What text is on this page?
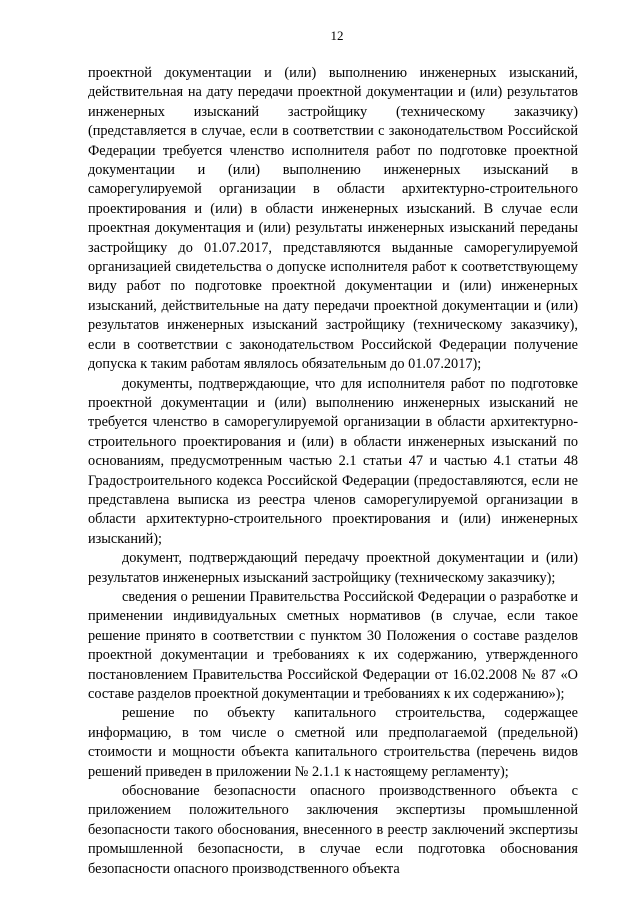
12

проектной документации и (или) выполнению инженерных изысканий, действительная на дату передачи проектной документации и (или) результатов инженерных изысканий застройщику (техническому заказчику) (представляется в случае, если в соответствии с законодательством Российской Федерации требуется членство исполнителя работ по подготовке проектной документации и (или) выполнению инженерных изысканий в саморегулируемой организации в области архитектурно-строительного проектирования и (или) в области инженерных изысканий. В случае если проектная документация и (или) результаты инженерных изысканий переданы застройщику до 01.07.2017, представляются выданные саморегулируемой организацией свидетельства о допуске исполнителя работ к соответствующему виду работ по подготовке проектной документации и (или) инженерных изысканий, действительные на дату передачи проектной документации и (или) результатов инженерных изысканий застройщику (техническому заказчику), если в соответствии с законодательством Российской Федерации получение допуска к таким работам являлось обязательным до 01.07.2017);

документы, подтверждающие, что для исполнителя работ по подготовке проектной документации и (или) выполнению инженерных изысканий не требуется членство в саморегулируемой организации в области архитектурно-строительного проектирования и (или) в области инженерных изысканий по основаниям, предусмотренным частью 2.1 статьи 47 и частью 4.1 статьи 48 Градостроительного кодекса Российской Федерации (предоставляются, если не представлена выписка из реестра членов саморегулируемой организации в области архитектурно-строительного проектирования и (или) инженерных изысканий);

документ, подтверждающий передачу проектной документации и (или) результатов инженерных изысканий застройщику (техническому заказчику);

сведения о решении Правительства Российской Федерации о разработке и применении индивидуальных сметных нормативов (в случае, если такое решение принято в соответствии с пунктом 30 Положения о составе разделов проектной документации и требованиях к их содержанию, утвержденного постановлением Правительства Российской Федерации от 16.02.2008 № 87 «О составе разделов проектной документации и требованиях к их содержанию»);

решение по объекту капитального строительства, содержащее информацию, в том числе о сметной или предполагаемой (предельной) стоимости и мощности объекта капитального строительства (перечень видов решений приведен в приложении № 2.1.1 к настоящему регламенту);

обоснование безопасности опасного производственного объекта с приложением положительного заключения экспертизы промышленной безопасности такого обоснования, внесенного в реестр заключений экспертизы промышленной безопасности, в случае если подготовка обоснования безопасности опасного производственного объекта
